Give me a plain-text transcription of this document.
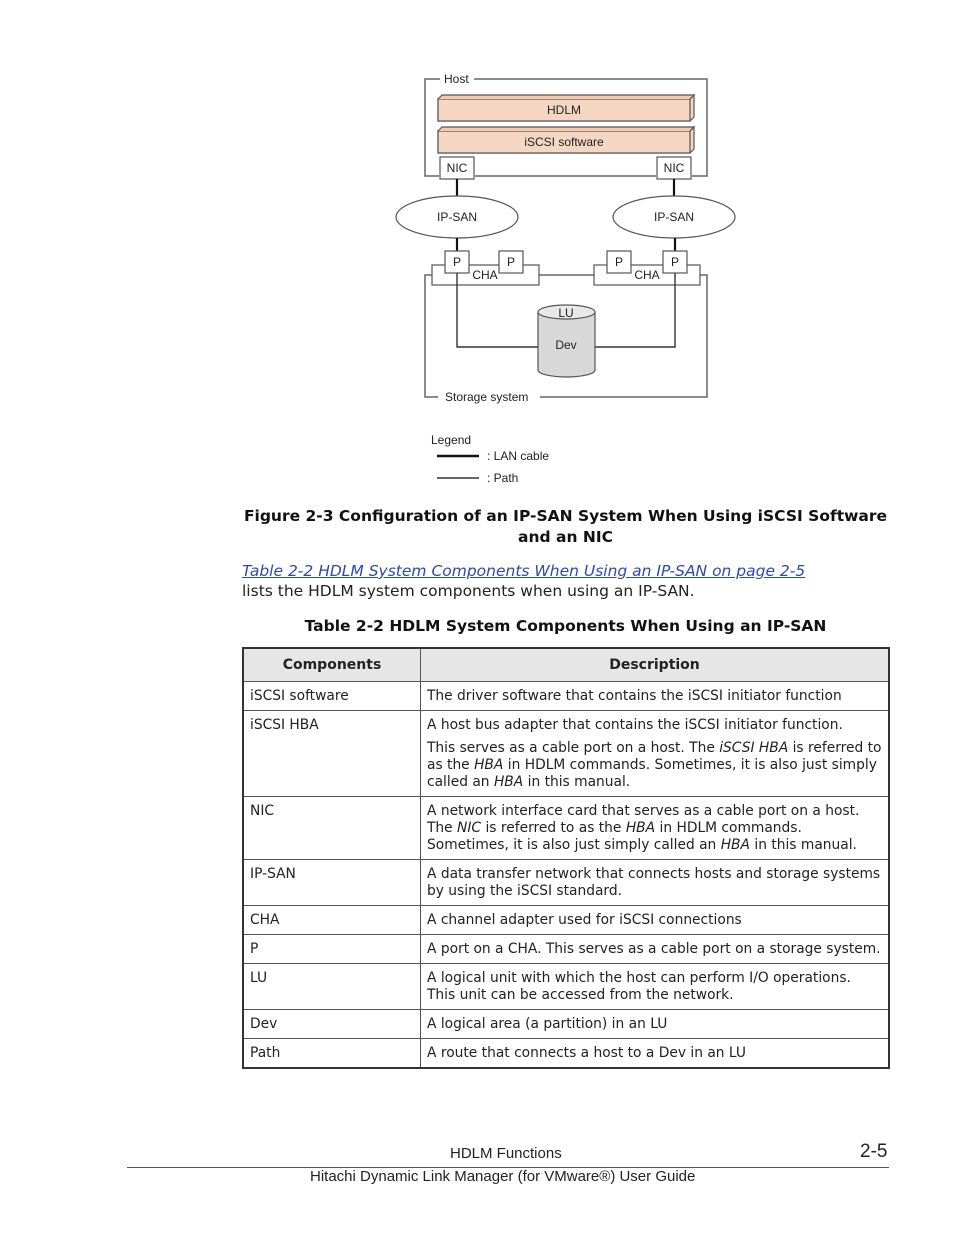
Host
HDLM
iSCSI software
NIC	NIC
IP-SAN	IP-SAN
Storage system
CHA
P	P
CHA
P	P
LU
Dev
Legend
: LAN cable
: Path
Figure 2-3 Configuration of an IP-SAN System When Using iSCSI Software
and an NIC
Table 2-2 HDLM System Components When Using an IP-SAN on page 2-5
lists the HDLM system components when using an IP-SAN.
Table 2-2 HDLM System Components When Using an IP-SAN
Components	Description
iSCSI software	The driver software that contains the iSCSI initiator function
iSCSI HBA	A host bus adapter that contains the iSCSI initiator function.

This serves as a cable port on a host. The iSCSI HBA is referred to as the HBA in HDLM commands. Sometimes, it is also just simply called an HBA in this manual.

NIC	A network interface card that serves as a cable port on a host. The NIC is referred to as the HBA in HDLM commands. Sometimes, it is also just simply called an HBA in this manual.
IP-SAN	A data transfer network that connects hosts and storage systems by using the iSCSI standard.
CHA	A channel adapter used for iSCSI connections
P	A port on a CHA. This serves as a cable port on a storage system.
LU	A logical unit with which the host can perform I/O operations. This unit can be accessed from the network.
Dev	A logical area (a partition) in an LU
Path	A route that connects a host to a Dev in an LU
HDLM Functions	2-5
Hitachi Dynamic Link Manager (for VMware®) User Guide
